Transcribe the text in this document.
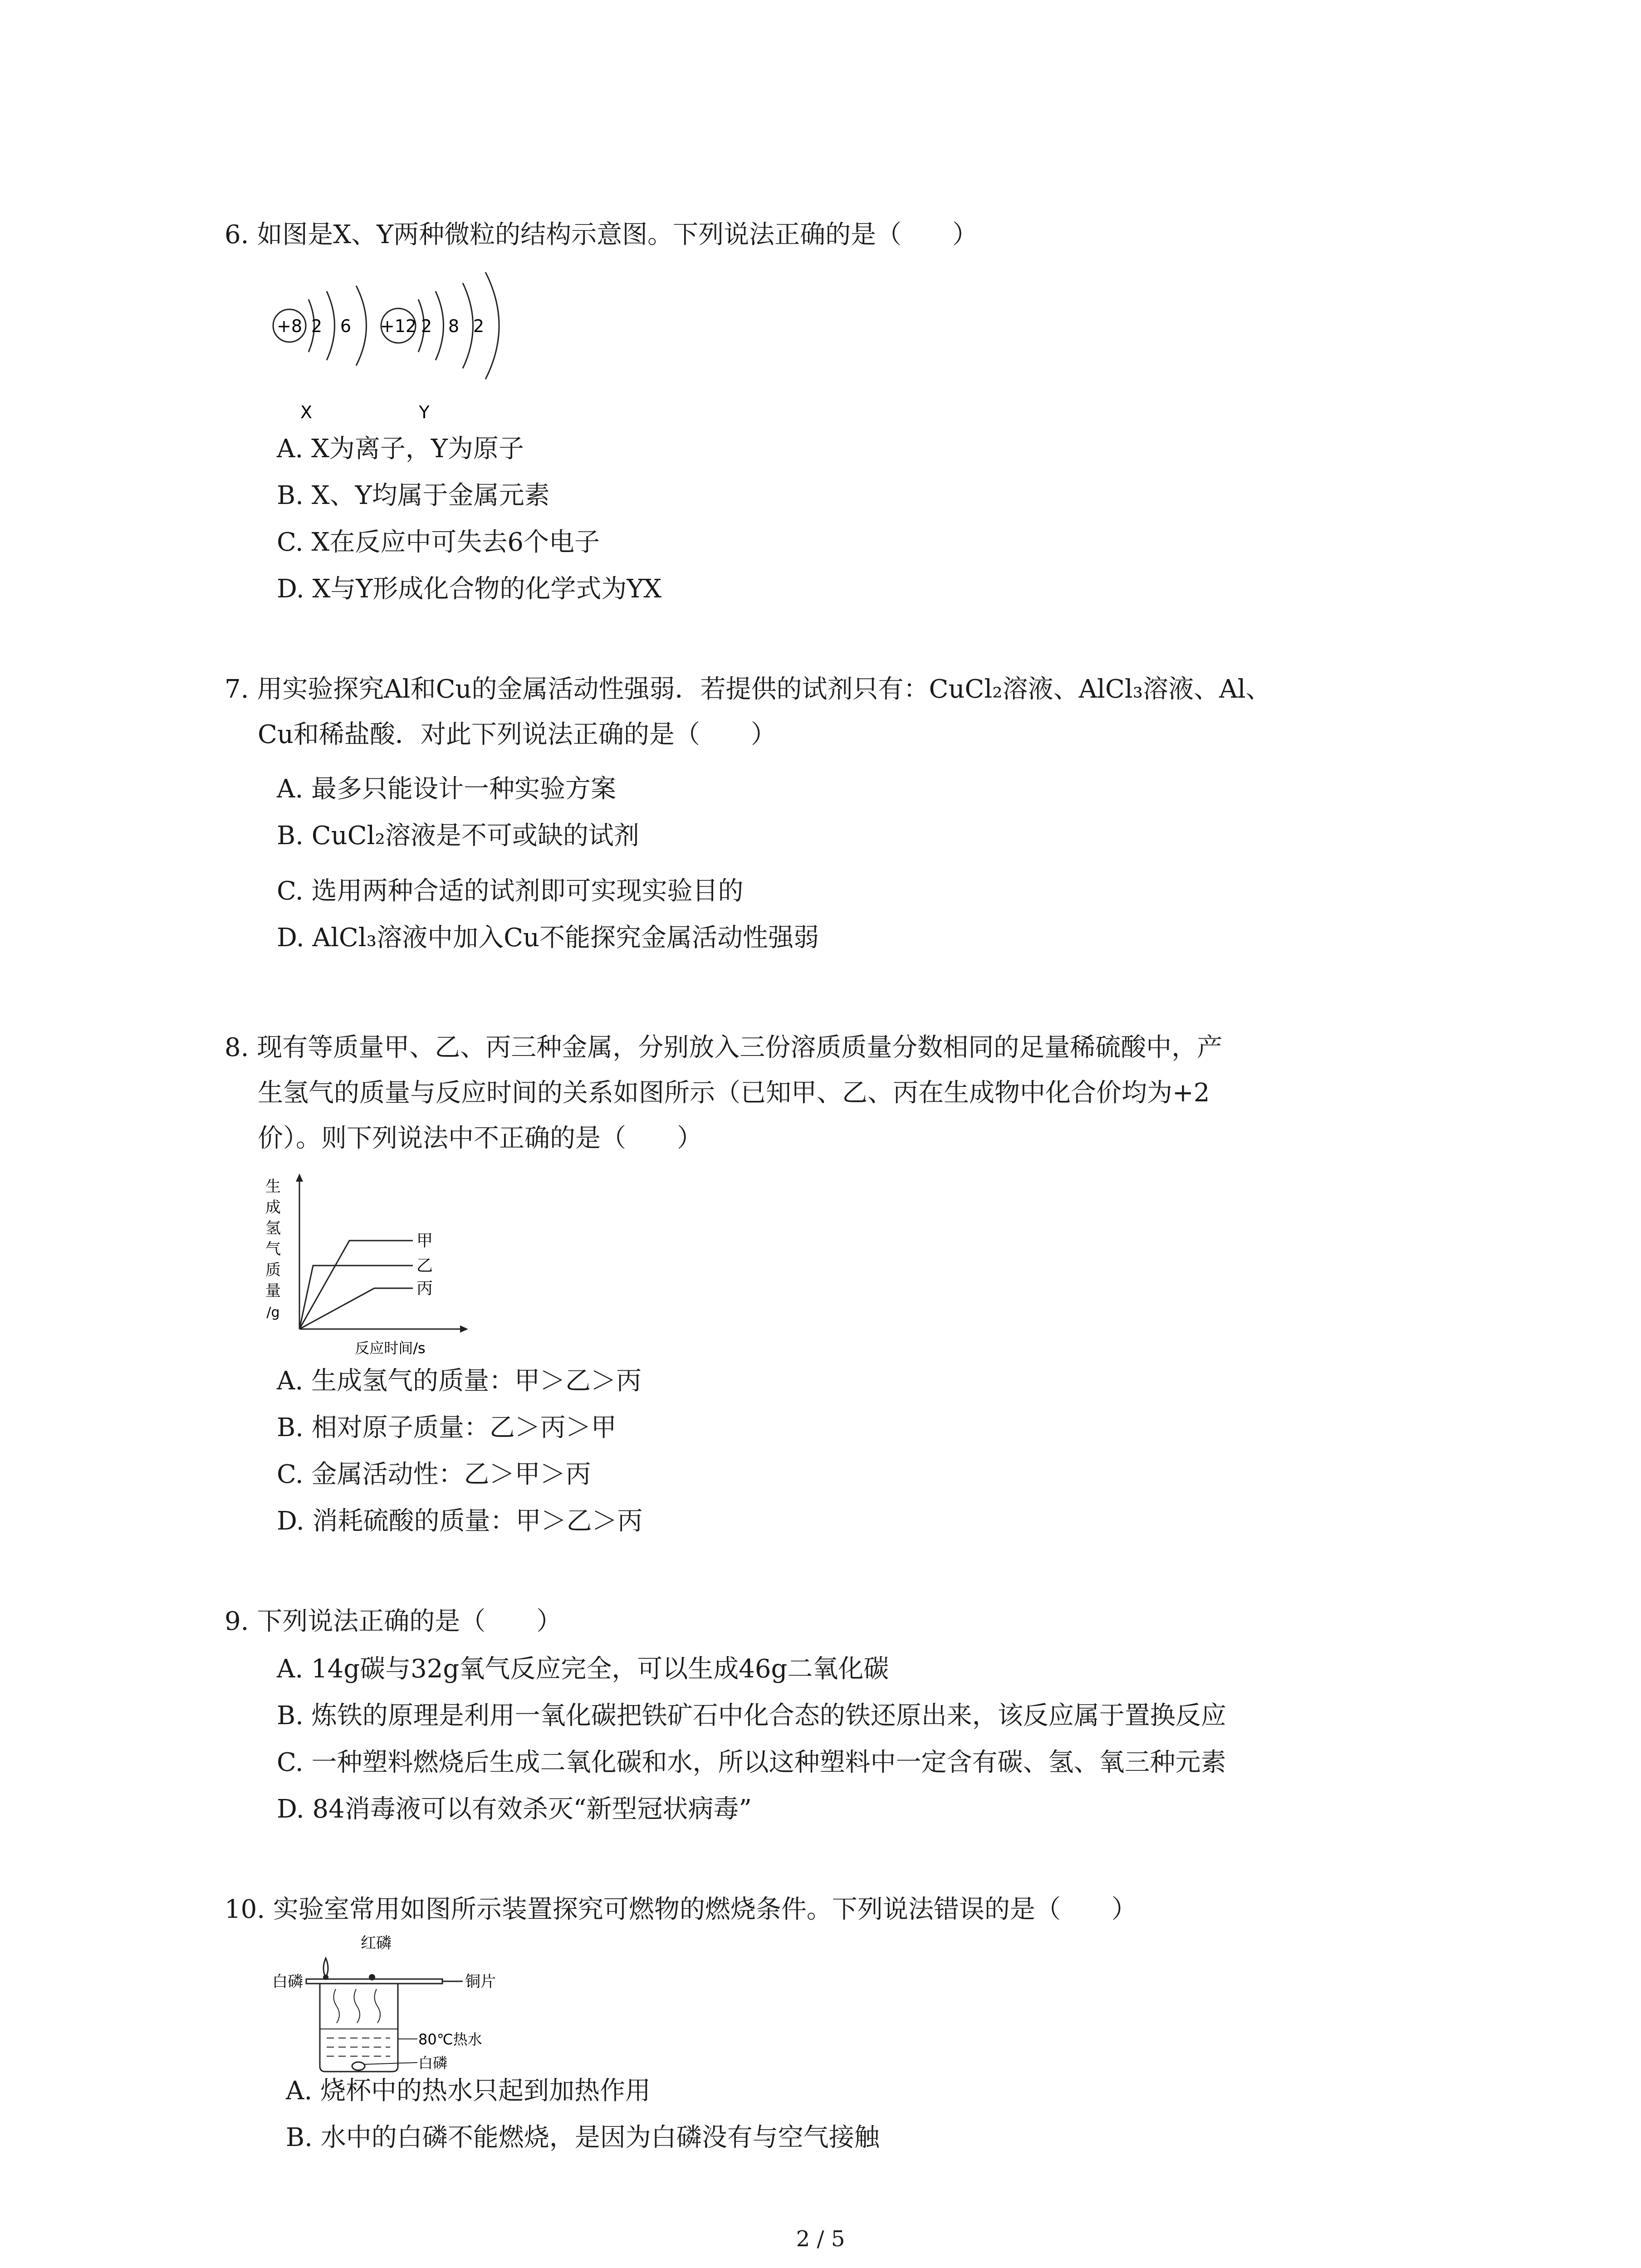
6. 如图是X、Y两种微粒的结构示意图。下列说法正确的是（　　）
+8 2 6
X
+12 2 8 2
Y
A. X为离子，Y为原子
B. X、Y均属于金属元素
C. X在反应中可失去6个电子
D. X与Y形成化合物的化学式为YX
7. 用实验探究Al和Cu的金属活动性强弱．若提供的试剂只有：CuCl₂溶液、AlCl₃溶液、Al、
Cu和稀盐酸．对此下列说法正确的是（　　）
A. 最多只能设计一种实验方案
B. CuCl₂溶液是不可或缺的试剂
C. 选用两种合适的试剂即可实现实验目的
D. AlCl₃溶液中加入Cu不能探究金属活动性强弱
8. 现有等质量甲、乙、丙三种金属，分别放入三份溶质质量分数相同的足量稀硫酸中，产
生氢气的质量与反应时间的关系如图所示（已知甲、乙、丙在生成物中化合价均为+2
价）。则下列说法中不正确的是（　　）
生
成
氢
气
质
量
/g
甲
乙
丙
反应时间/s
A. 生成氢气的质量：甲＞乙＞丙
B. 相对原子质量：乙＞丙＞甲
C. 金属活动性：乙＞甲＞丙
D. 消耗硫酸的质量：甲＞乙＞丙
9. 下列说法正确的是（　　）
A. 14g碳与32g氧气反应完全，可以生成46g二氧化碳
B. 炼铁的原理是利用一氧化碳把铁矿石中化合态的铁还原出来，该反应属于置换反应
C. 一种塑料燃烧后生成二氧化碳和水，所以这种塑料中一定含有碳、氢、氧三种元素
D. 84消毒液可以有效杀灭“新型冠状病毒”
10. 实验室常用如图所示装置探究可燃物的燃烧条件。下列说法错误的是（　　）
红磷
白磷	铜片
80℃热水
白磷
A. 烧杯中的热水只起到加热作用
B. 水中的白磷不能燃烧，是因为白磷没有与空气接触
2 / 5
